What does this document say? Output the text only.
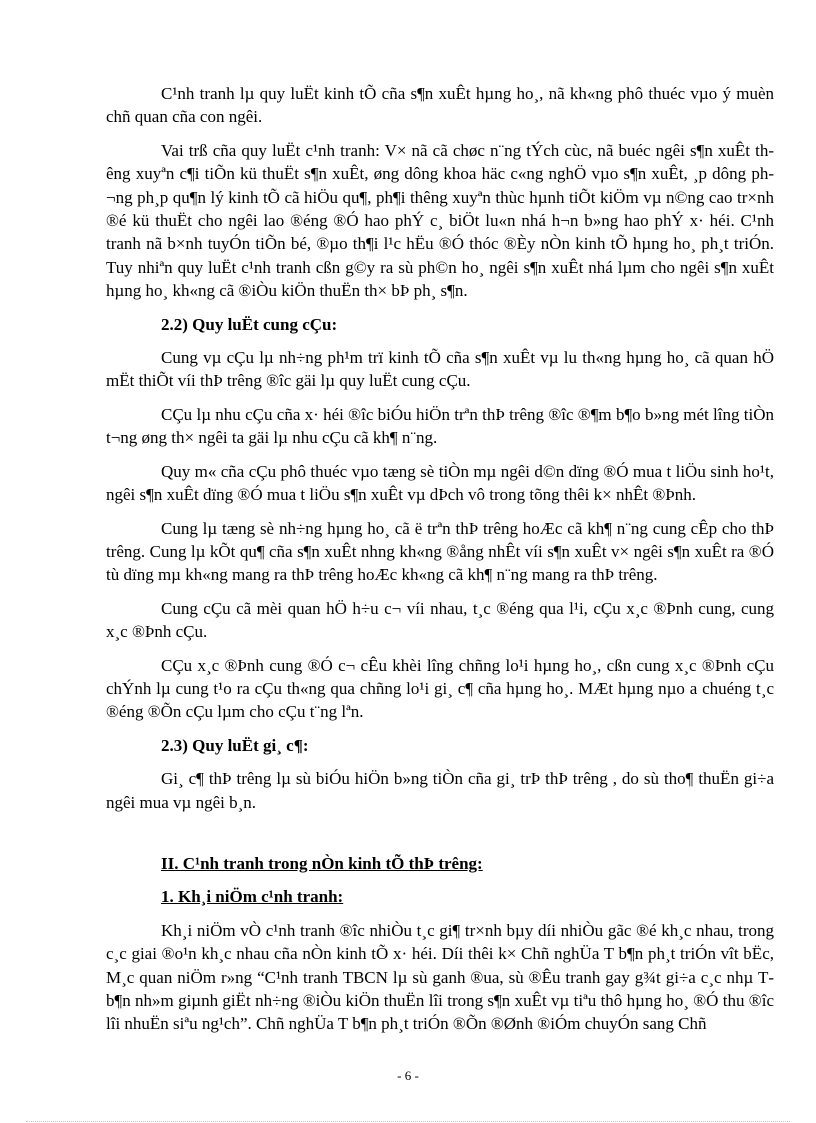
C¹nh tranh lµ quy luËt kinh tÕ cña s¶n xuÊt hµng ho¸, nã kh«ng phô thuéc vµo ý muèn chñ quan cña con ngêi.

Vai trß cña quy luËt c¹nh tranh: V× nã cã chøc n¨ng tÝch cùc, nã buéc ngêi s¶n xuÊt thêng xuyªn c¶i tiÕn kü thuËt s¶n xuÊt, øng dông khoa häc c«ng nghÖ vµo s¶n xuÊt, ¸p dông ph¬ng ph¸p qu¶n lý kinh tÕ cã hiÖu qu¶, ph¶i thêng xuyªn thùc hµnh tiÕt kiÖm vµ n©ng cao tr×nh ®é kü thuËt cho ngêi lao ®éng ®Ó hao phÝ c¸ biÖt lu«n nhá h¬n b»ng hao phÝ x· héi. C¹nh tranh nã b×nh tuyÓn tiÕn bé, ®µo th¶i l¹c hËu ®Ó thóc ®Èy nÒn kinh tÕ hµng ho¸ ph¸t triÓn. Tuy nhiªn quy luËt c¹nh tranh cßn g©y ra sù ph©n ho¸ ngêi s¶n xuÊt nhá lµm cho ngêi s¶n xuÊt hµng ho¸ kh«ng cã ®iÒu kiÖn thuËn th× bÞ ph¸ s¶n.

2.2) Quy luËt cung cÇu:

Cung vµ cÇu lµ nh÷ng ph¹m trï kinh tÕ cña s¶n xuÊt vµ lu th«ng hµng ho¸ cã quan hÖ mËt thiÕt víi thÞ trêng ®îc gäi lµ quy luËt cung cÇu.

CÇu lµ nhu cÇu cña x· héi ®îc biÓu hiÖn trªn thÞ trêng ®îc ®¶m b¶o b»ng mét lîng tiÒn t¬ng øng th× ngêi ta gäi lµ nhu cÇu cã kh¶ n¨ng.

Quy m« cña cÇu phô thuéc vµo tæng sè tiÒn mµ ngêi d©n dïng ®Ó mua t liÖu sinh ho¹t, ngêi s¶n xuÊt dïng ®Ó mua t liÖu s¶n xuÊt vµ dÞch vô trong tõng thêi k× nhÊt ®Þnh.

Cung lµ tæng sè nh÷ng hµng ho¸ cã ë trªn thÞ trêng hoÆc cã kh¶ n¨ng cung cÊp cho thÞ trêng. Cung lµ kÕt qu¶ cña s¶n xuÊt nhng kh«ng ®ång nhÊt víi s¶n xuÊt v× ngêi s¶n xuÊt ra ®Ó tù dïng mµ kh«ng mang ra thÞ trêng hoÆc kh«ng cã kh¶ n¨ng mang ra thÞ trêng.

Cung cÇu cã mèi quan hÖ h÷u c¬ víi nhau, t¸c ®éng qua l¹i, cÇu x¸c ®Þnh cung, cung x¸c ®Þnh cÇu.

CÇu x¸c ®Þnh cung ®Ó c¬ cÊu khèi lîng chñng lo¹i hµng ho¸, cßn cung x¸c ®Þnh cÇu chÝnh lµ cung t¹o ra cÇu th«ng qua chñng lo¹i gi¸ c¶ cña hµng ho¸. MÆt hµng nµo a chuéng t¸c ®éng ®Õn cÇu lµm cho cÇu t¨ng lªn.

2.3) Quy luËt gi¸ c¶:

Gi¸ c¶ thÞ trêng lµ sù biÓu hiÖn b»ng tiÒn cña gi¸ trÞ thÞ trêng , do sù tho¶ thuËn gi÷a ngêi mua vµ ngêi b¸n.

II. C¹nh tranh trong nÒn kinh tÕ thÞ trêng:

1. Kh¸i niÖm c¹nh tranh:

Kh¸i niÖm vÒ c¹nh tranh ®îc nhiÒu t¸c gi¶ tr×nh bµy díi nhiÒu gãc ®é kh¸c nhau, trong c¸c giai ®o¹n kh¸c nhau cña nÒn kinh tÕ x· héi. Díi thêi k× Chñ nghÜa T b¶n ph¸t triÓn vît bËc, M¸c quan niÖm r»ng “C¹nh tranh TBCN lµ sù ganh ®ua, sù ®Êu tranh gay g¾t gi÷a c¸c nhµ T b¶n nh»m giµnh giËt nh÷ng ®iÒu kiÖn thuËn lîi trong s¶n xuÊt vµ tiªu thô hµng ho¸ ®Ó thu ®îc lîi nhuËn siªu ng¹ch”. Chñ nghÜa T b¶n ph¸t triÓn ®Õn ®Ønh ®iÓm chuyÓn sang Chñ

- 6 -
